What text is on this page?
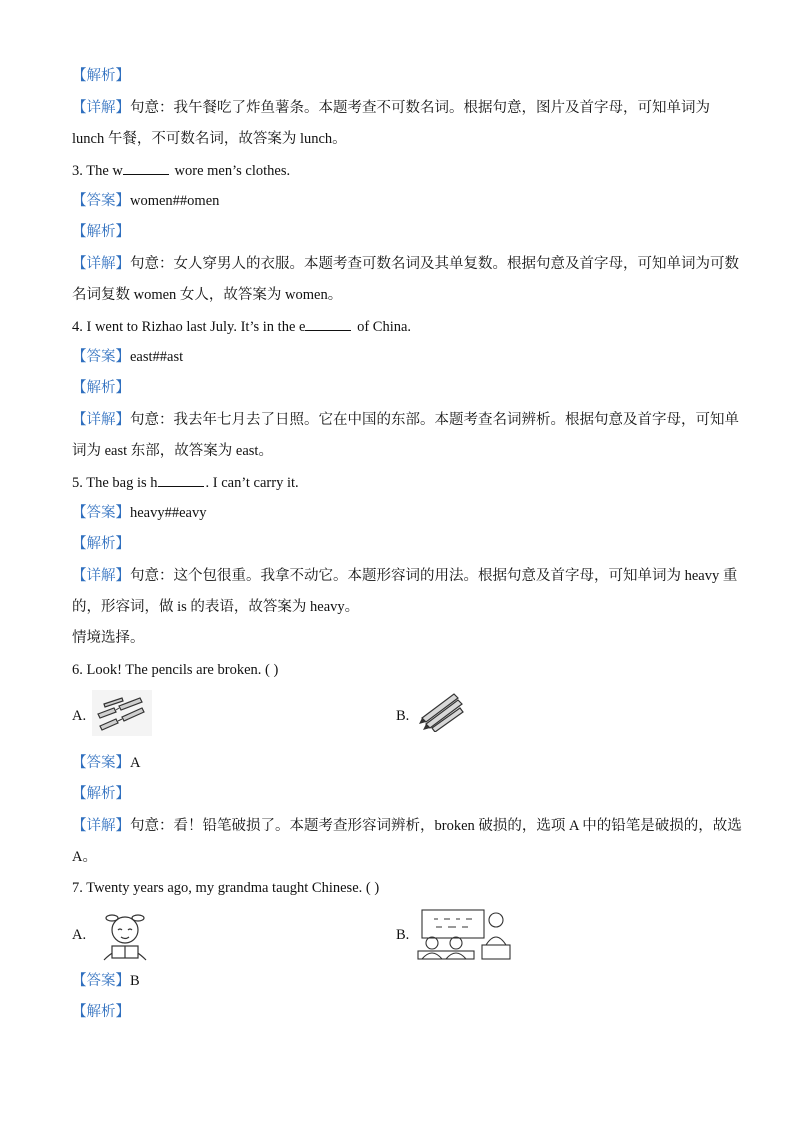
【解析】
【详解】句意：我午餐吃了炸鱼薯条。本题考查不可数名词。根据句意，图片及首字母，可知单词为
lunch 午餐，不可数名词，故答案为 lunch。
3. The w	wore men’s clothes.
【答案】women##omen
【解析】
【详解】句意：女人穿男人的衣服。本题考查可数名词及其单复数。根据句意及首字母，可知单词为可数
名词复数 women 女人，故答案为 women。
4. I went to Rizhao last July. It’s in the e	of China.
【答案】east##ast
【解析】
【详解】句意：我去年七月去了日照。它在中国的东部。本题考查名词辨析。根据句意及首字母，可知单
词为 east 东部，故答案为 east。
5. The bag is h	. I can’t carry it.
【答案】heavy##eavy
【解析】
【详解】句意：这个包很重。我拿不动它。本题形容词的用法。根据句意及首字母，可知单词为 heavy 重
的，形容词，做 is 的表语，故答案为 heavy。
情境选择。
6. Look! The pencils are broken. ( )
A.	B.
【答案】A
【解析】
【详解】句意：看！铅笔破损了。本题考查形容词辨析，broken 破损的，选项 A 中的铅笔是破损的，故选
A。
7. Twenty years ago, my grandma taught Chinese. ( )
A.	B.
【答案】B
【解析】
